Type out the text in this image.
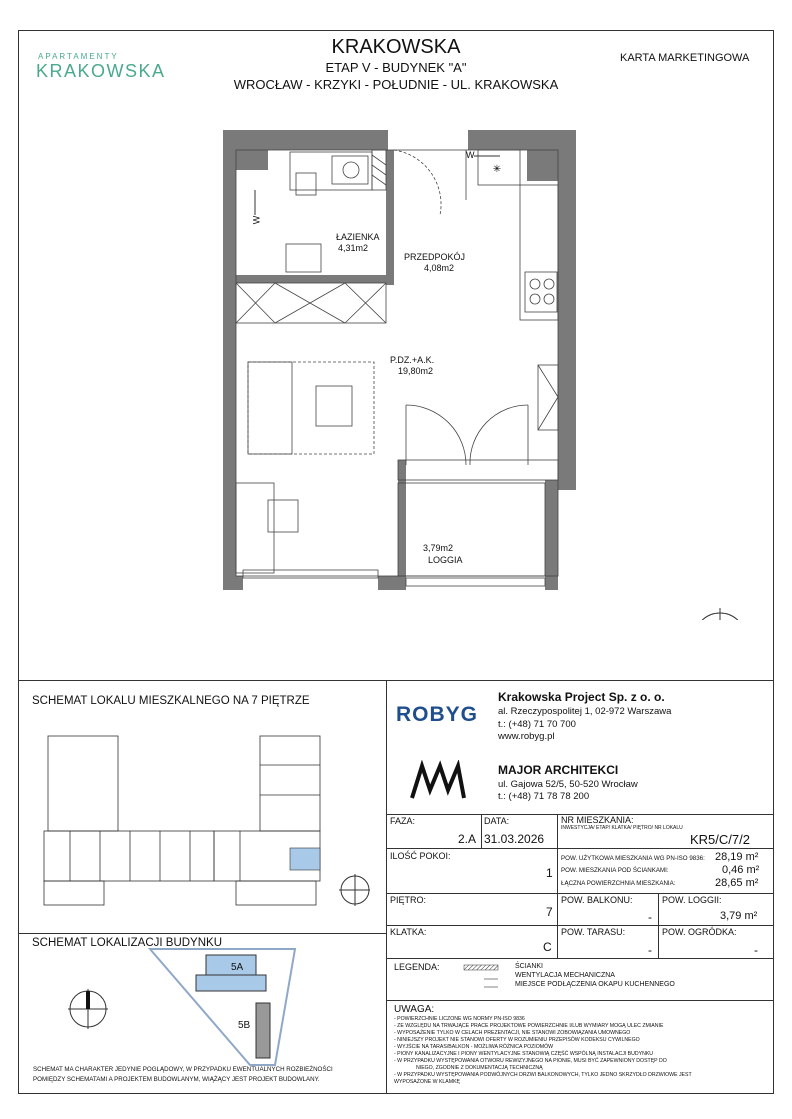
APARTAMENTY
KRAKOWSKA
KRAKOWSKA
ETAP V - BUDYNEK "A"
WROCŁAW - KRZYKI - POŁUDNIE - UL. KRAKOWSKA
KARTA MARKETINGOWA
✳
W
W
ŁAZIENKA
4,31m2
PRZEDPOKÓJ
4,08m2
P.DZ.+A.K.
19,80m2
3,79m2
LOGGIA
SCHEMAT LOKALU MIESZKALNEGO NA 7 PIĘTRZE
SCHEMAT LOKALIZACJI BUDYNKU
5A
5B
SCHEMAT MA CHARAKTER JEDYNIE POGLĄDOWY, W PRZYPADKU EWENTUALNYCH ROZBIEŻNOŚCI
POMIĘDZY SCHEMATAMI A PROJEKTEM BUDOWLANYM, WIĄŻĄCY JEST PROJEKT BUDOWLANY.
ROBYG
Krakowska Project Sp. z o. o.
al. Rzeczypospolitej 1, 02-972 Warszawa
t.: (+48) 71 70 700
www.robyg.pl
MAJOR ARCHITEKCI
ul. Gajowa 52/5, 50-520 Wrocław
t.: (+48) 71 78 78 200
FAZA:
2.A
DATA:
31.03.2026
NR MIESZKANIA:
INWESTYCJA/ ETAP/ KLATKA/ PIĘTRO/ NR LOKALU
KR5/C/7/2
ILOŚĆ POKOI:
1
POW. UŻYTKOWA MIESZKANIA WG PN-ISO 9836: 28,19 m²
POW. MIESZKANIA POD ŚCIANKAMI:	0,46 m²
ŁĄCZNA POWIERZCHNIA MIESZKANIA:	28,65 m²
PIĘTRO:
7
POW. BALKONU:
-
POW. LOGGII:
3,79 m²
KLATKA:
C
POW. TARASU:
-
POW. OGRÓDKA:
-
LEGENDA:	ŚCIANKI
WENTYLACJA MECHANICZNA
MIEJSCE PODŁĄCZENIA OKAPU KUCHENNEGO
UWAGA:
- POWIERZCHNIE LICZONE WG NORMY PN-ISO 9836
- ZE WZGLĘDU NA TRWAJĄCE PRACE PROJEKTOWE POWIERZCHNIE I/LUB WYMIARY MOGĄ ULEC ZMIANIE
- WYPOSAŻENIE TYLKO W CELACH PREZENTACJI, NIE STANOWI ZOBOWIĄZANIA UMOWNEGO
- NINIEJSZY PROJEKT NIE STANOWI OFERTY W ROZUMIENIU PRZEPISÓW KODEKSU CYWILNEGO
- WYJŚCIE NA TARAS/BALKON - MOŻLIWA RÓŻNICA POZIOMÓW
- PIONY KANALIZACYJNE I PIONY WENTYLACYJNE STANOWIĄ CZĘŚĆ WSPÓLNĄ INSTALACJI BUDYNKU
- W PRZYPADKU WYSTĘPOWANIA OTWORU REWIZYJNEGO NA PIONIE, MUSI BYĆ ZAPEWNIONY DOSTĘP DO
NIEGO, ZGODNIE Z DOKUMENTACJĄ TECHNICZNĄ
- W PRZYPADKU WYSTĘPOWANIA PODWÓJNYCH DRZWI BALKONOWYCH, TYLKO JEDNO SKRZYDŁO DRZWIOWE JEST
WYPOSAŻONE W KLAMKĘ
